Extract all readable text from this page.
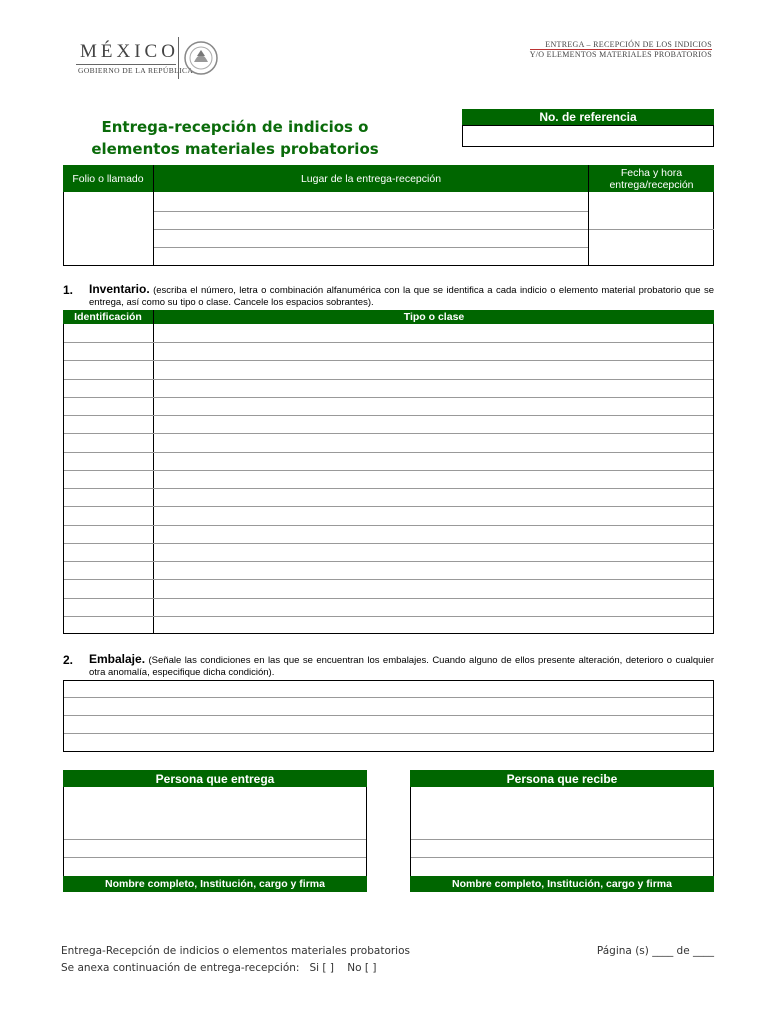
MÉXICO
GOBIERNO DE LA REPÚBLICA
ENTREGA – RECEPCIÓN DE LOS INDICIOS
Y/O ELEMENTOS MATERIALES PROBATORIOS
Entrega-recepción de indicios o
elementos materiales probatorios
No. de referencia
Folio o llamado	Lugar de la entrega-recepción	Fecha y hora entrega/recepción
1. Inventario. (escriba el número, letra o combinación alfanumérica con la que se identifica a cada indicio o elemento material probatorio que se entrega, así como su tipo o clase. Cancele los espacios sobrantes).
Identificación	Tipo o clase
2. Embalaje. (Señale las condiciones en las que se encuentran los embalajes. Cuando alguno de ellos presente alteración, deterioro o cualquier otra anomalía, especifique dicha condición).
Persona que entrega
Nombre completo, Institución, cargo y firma
Persona que recibe
Nombre completo, Institución, cargo y firma
Entrega-Recepción de indicios o elementos materiales probatorios	Página (s) ____ de ____
Se anexa continuación de entrega-recepción: Si [ ] No [ ]
